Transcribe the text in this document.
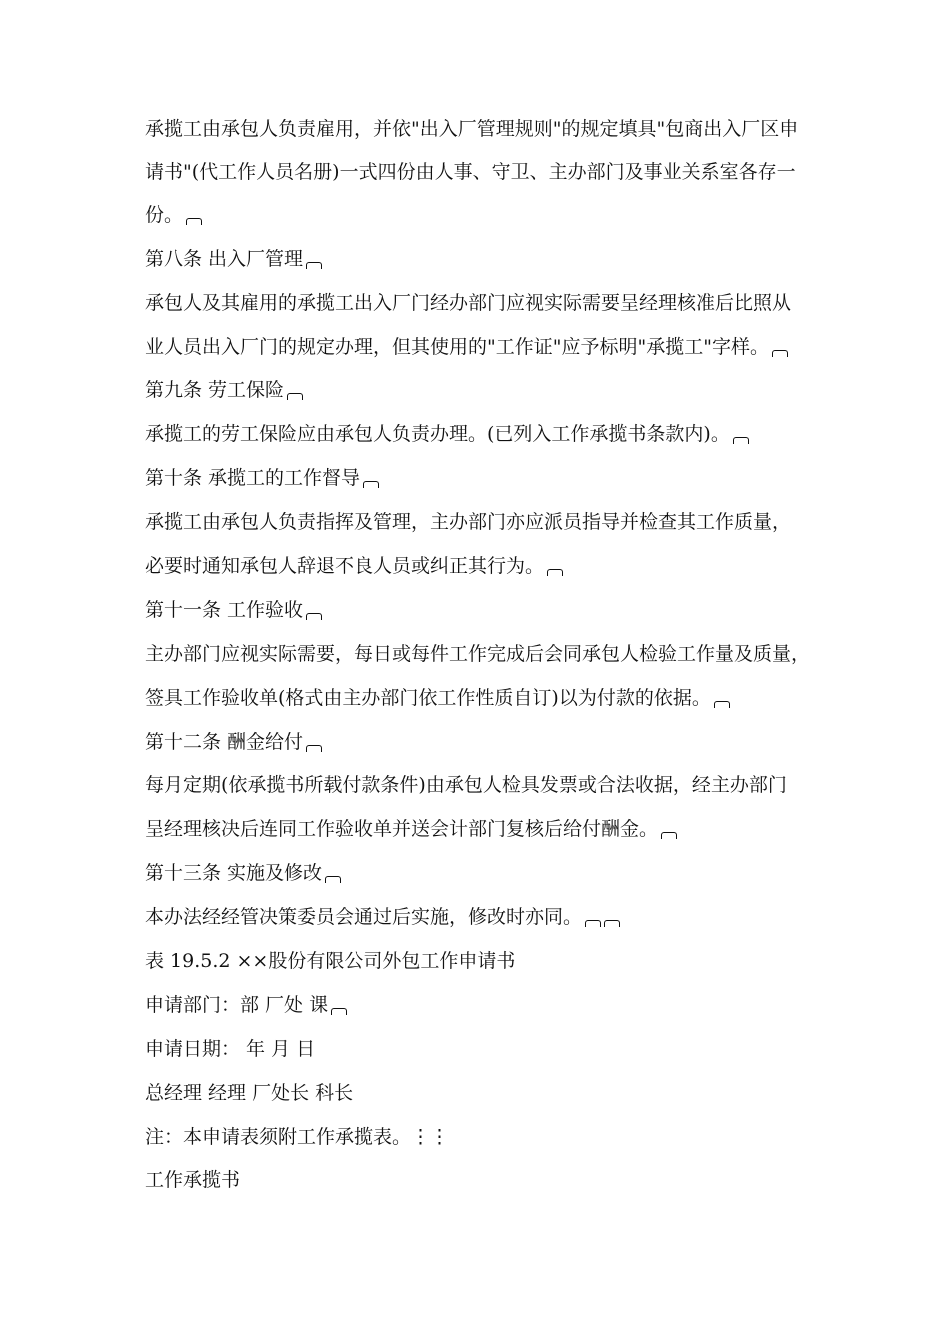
承揽工由承包人负责雇用，并依"出入厂管理规则"的规定填具"包商出入厂区申
请书"(代工作人员名册)一式四份由人事、守卫、主办部门及事业关系室各存一
份。
第八条 出入厂管理
承包人及其雇用的承揽工出入厂门经办部门应视实际需要呈经理核准后比照从
业人员出入厂门的规定办理，但其使用的"工作证"应予标明"承揽工"字样。
第九条 劳工保险
承揽工的劳工保险应由承包人负责办理。(已列入工作承揽书条款内)。
第十条 承揽工的工作督导
承揽工由承包人负责指挥及管理，主办部门亦应派员指导并检查其工作质量，
必要时通知承包人辞退不良人员或纠正其行为。
第十一条 工作验收
主办部门应视实际需要，每日或每件工作完成后会同承包人检验工作量及质量，
签具工作验收单(格式由主办部门依工作性质自订)以为付款的依据。
第十二条 酬金给付
每月定期(依承揽书所载付款条件)由承包人检具发票或合法收据，经主办部门
呈经理核决后连同工作验收单并送会计部门复核后给付酬金。
第十三条 实施及修改
本办法经经管决策委员会通过后实施，修改时亦同。
表 19.5.2 ××股份有限公司外包工作申请书
申请部门：部 厂处 课
申请日期： 年 月 日
总经理 经理 厂处长 科长
注：本申请表须附工作承揽表。⋮⋮
工作承揽书
